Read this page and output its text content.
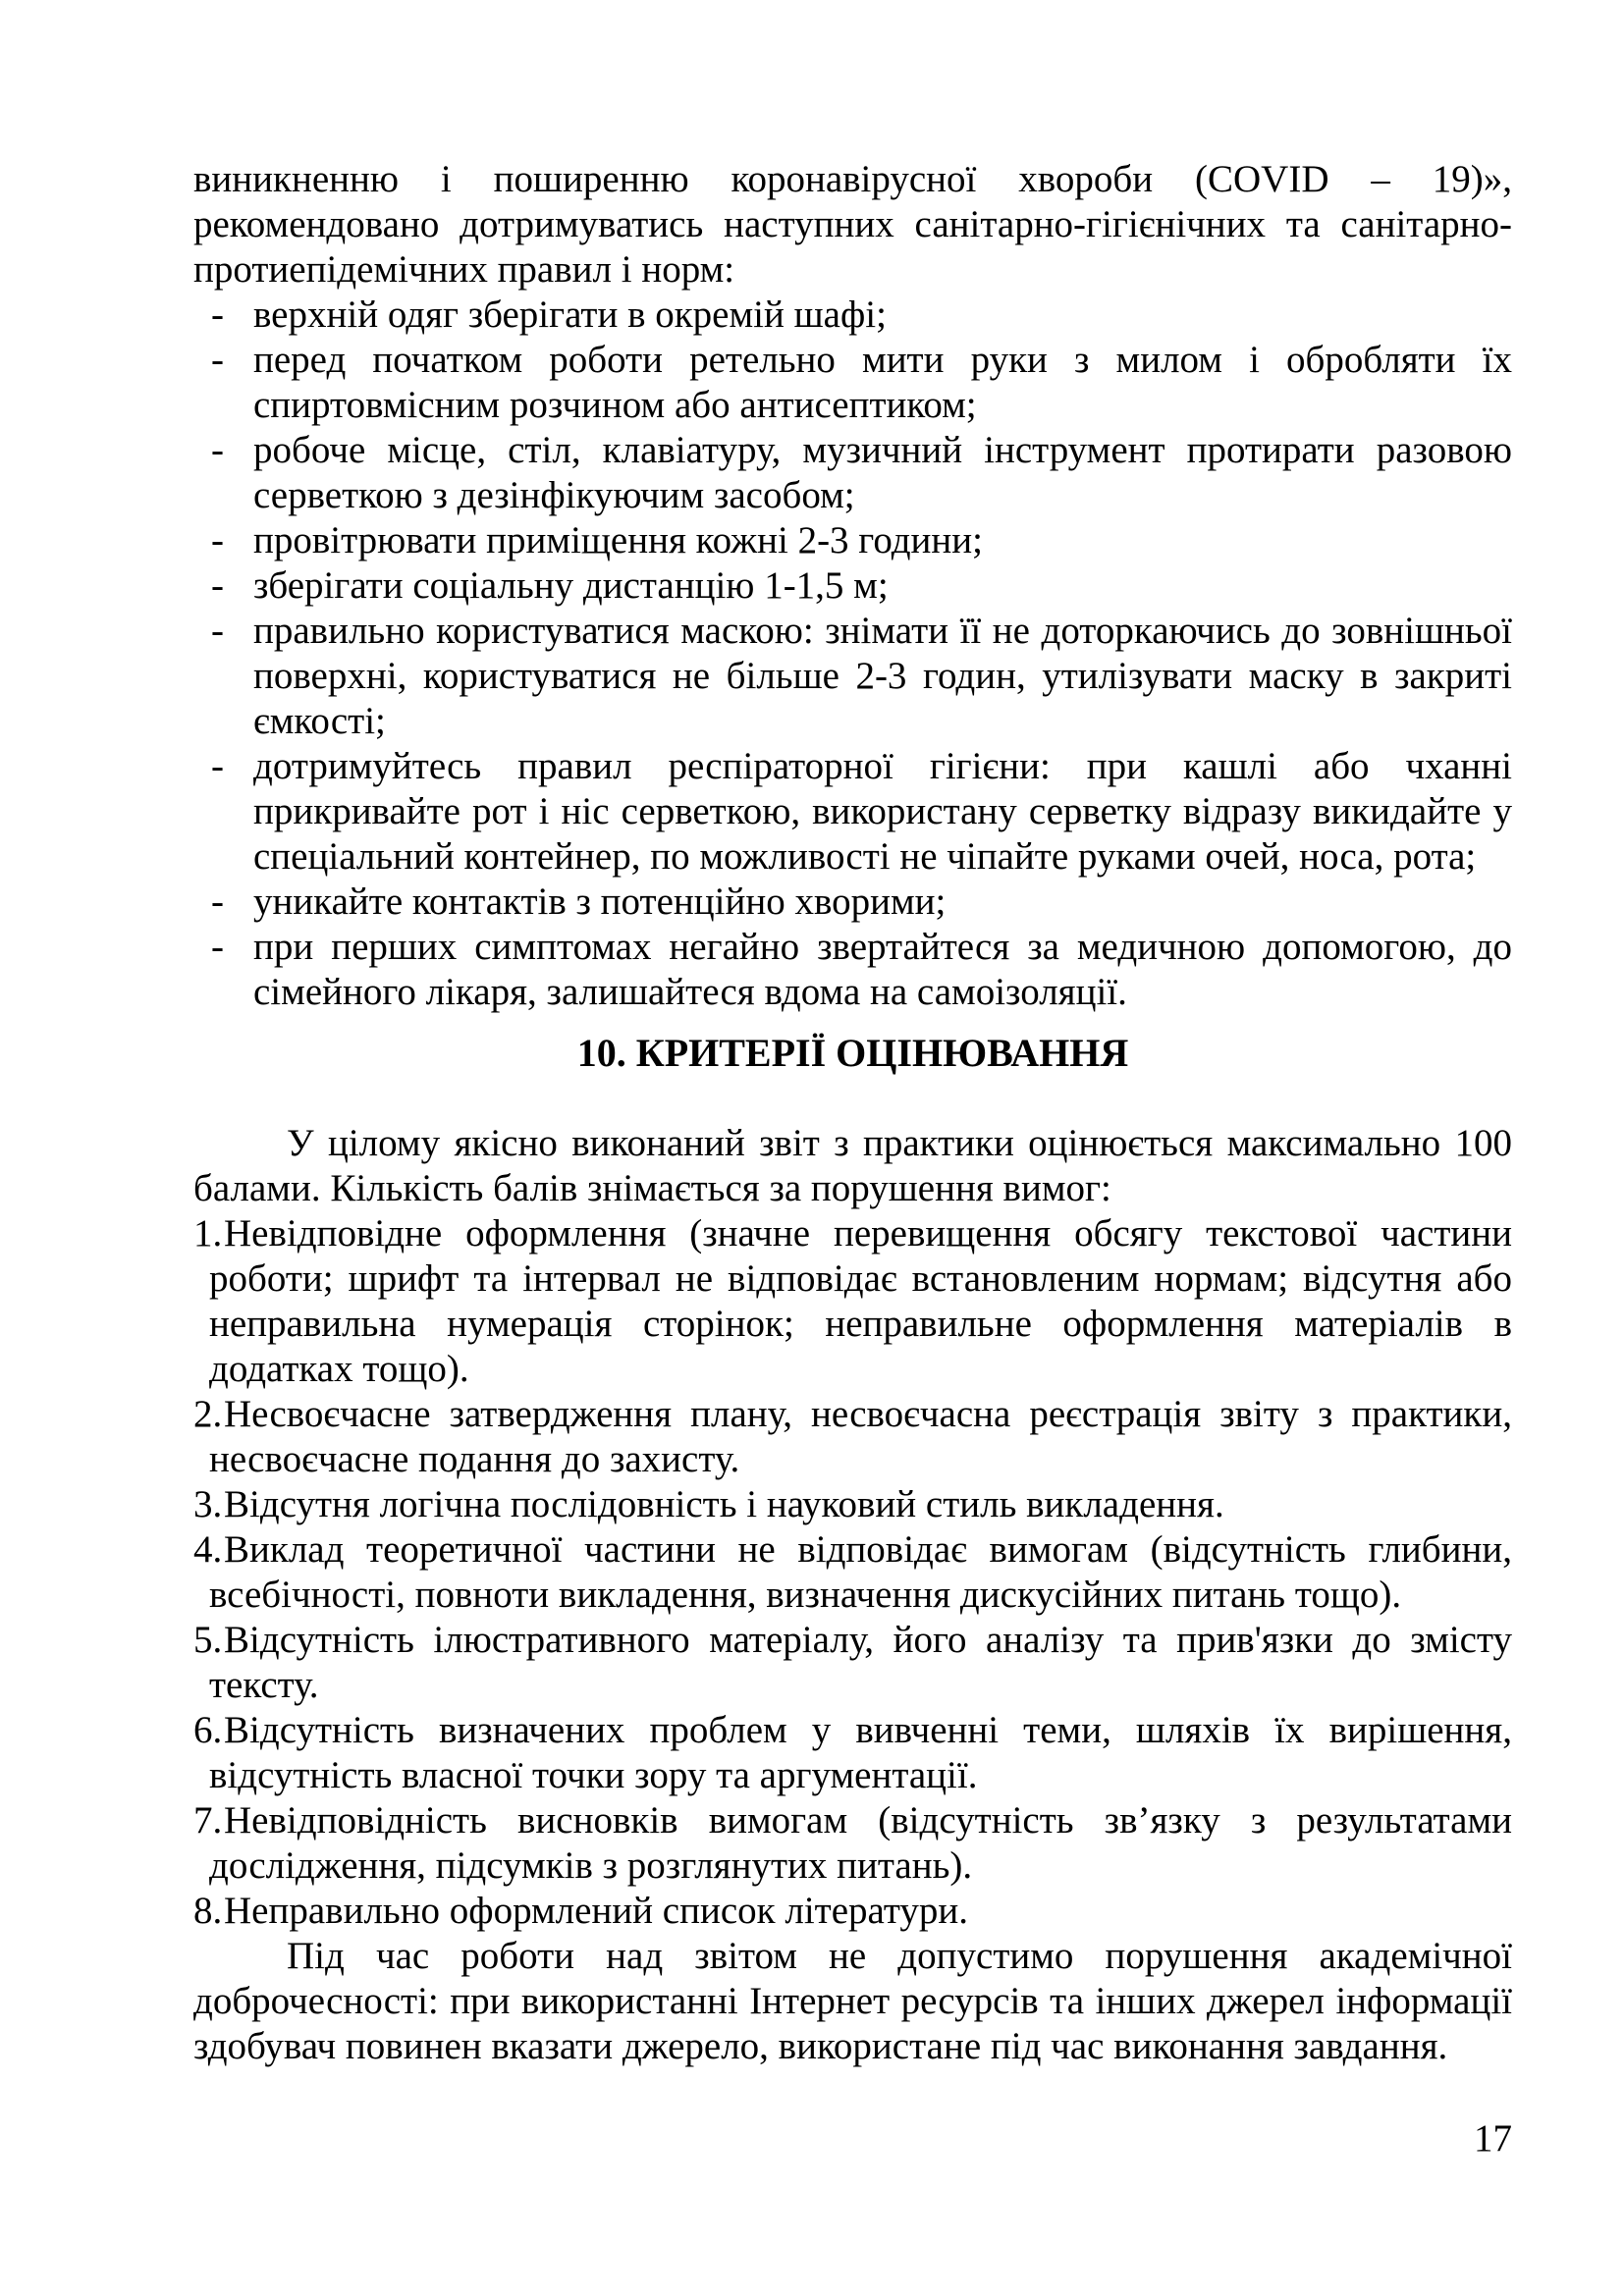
виникненню і поширенню коронавірусної хвороби (COVID – 19)», рекомендовано дотримуватись наступних санітарно-гігієнічних та санітарно-протиепідемічних правил і норм:

- верхній одяг зберігати в окремій шафі;
- перед початком роботи ретельно мити руки з милом і обробляти їх спиртовмісним розчином або антисептиком;
- робоче місце, стіл, клавіатуру, музичний інструмент протирати разовою серветкою з дезінфікуючим засобом;
- провітрювати приміщення кожні 2-3 години;
- зберігати соціальну дистанцію 1-1,5 м;
- правильно користуватися маскою: знімати її не доторкаючись до зовнішньої поверхні, користуватися не більше 2-3 годин, утилізувати маску в закриті ємкості;
- дотримуйтесь правил респіраторної гігієни: при кашлі або чханні прикривайте рот і ніс серветкою, використану серветку відразу викидайте у спеціальний контейнер, по можливості не чіпайте руками очей, носа, рота;
- уникайте контактів з потенційно хворими;
- при перших симптомах негайно звертайтеся за медичною допомогою, до сімейного лікаря, залишайтеся вдома на самоізоляції.
10. КРИТЕРІЇ ОЦІНЮВАННЯ

У цілому якісно виконаний звіт з практики оцінюється максимально 100 балами. Кількість балів знімається за порушення вимог:

1. Невідповідне оформлення (значне перевищення обсягу текстової частини роботи; шрифт та інтервал не відповідає встановленим нормам; відсутня або неправильна нумерація сторінок; неправильне оформлення матеріалів в додатках тощо).
2. Несвоєчасне затвердження плану, несвоєчасна реєстрація звіту з практики, несвоєчасне подання до захисту.
3. Відсутня логічна послідовність і науковий стиль викладення.
4. Виклад теоретичної частини не відповідає вимогам (відсутність глибини, всебічності, повноти викладення, визначення дискусійних питань тощо).
5. Відсутність ілюстративного матеріалу, його аналізу та прив'язки до змісту тексту.
6. Відсутність визначених проблем у вивченні теми, шляхів їх вирішення, відсутність власної точки зору та аргументації.
7. Невідповідність висновків вимогам (відсутність зв’язку з результатами дослідження, підсумків з розглянутих питань).
8. Неправильно оформлений список літератури.

Під час роботи над звітом не допустимо порушення академічної доброчесності: при використанні Інтернет ресурсів та інших джерел інформації здобувач повинен вказати джерело, використане під час виконання завдання.

17
